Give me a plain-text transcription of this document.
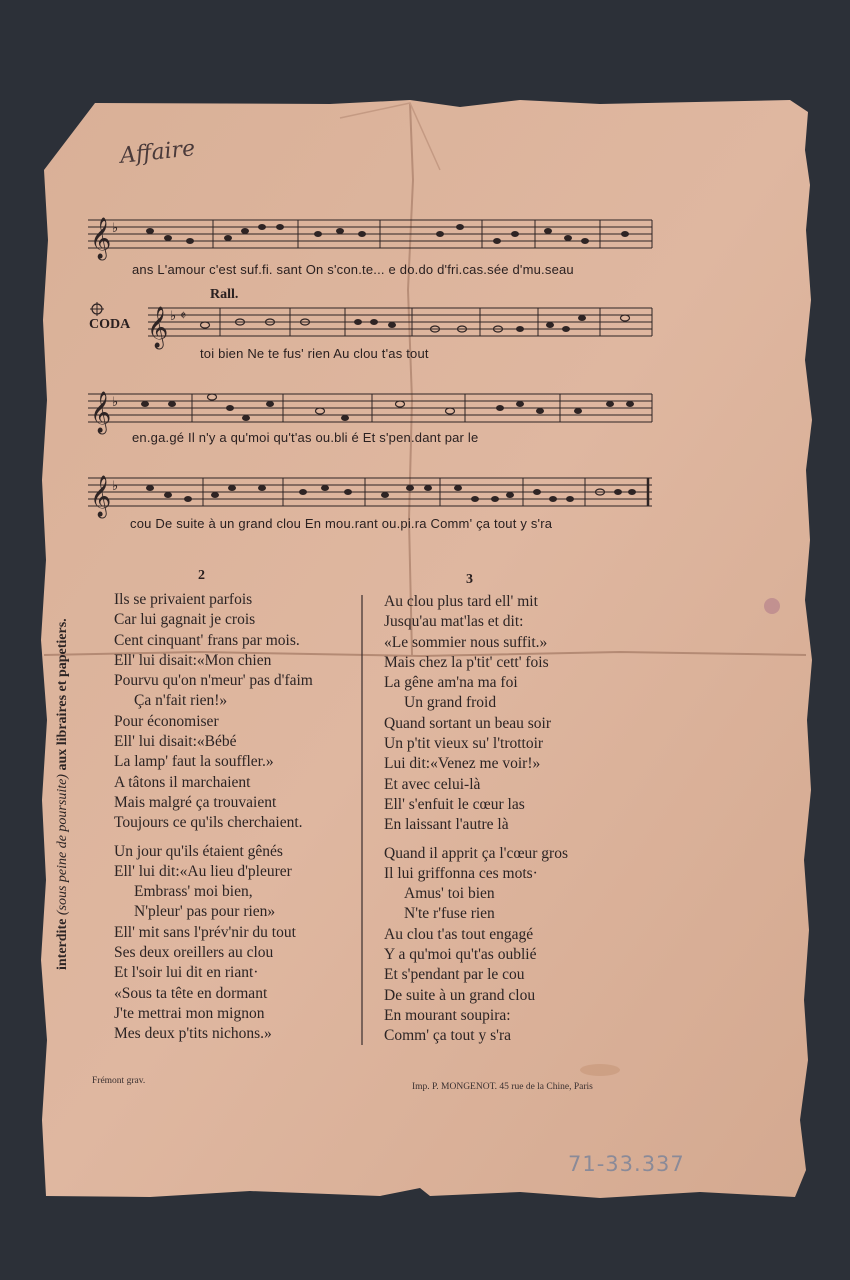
𝄞 ♭
𝄞 ♭ 𝄵
𝄞 ♭
𝄞 ♭
Affaire
Rall.
CODA
ans L'amour c'est suf.fi. sant On s'con.te... e do.do d'fri.cas.sée d'mu.seau
toi bien Ne te fus' rien Au clou t'as tout
en.ga.gé Il n'y a qu'moi qu't'as ou.bli é Et s'pen.dant par le
cou De suite à un grand clou En mou.rant ou.pi.ra Comm' ça tout y s'ra
2	3
Ils se privaient parfois
Car lui gagnait je crois
Cent cinquant' frans par mois.
Ell' lui disait:«Mon chien
Pourvu qu'on n'meur' pas d'faim
Ça n'fait rien!»
Pour économiser
Ell' lui disait:«Bébé
La lamp' faut la souffler.»
A tâtons il marchaient
Mais malgré ça trouvaient
Toujours ce qu'ils cherchaient.
Un jour qu'ils étaient gênés
Ell' lui dit:«Au lieu d'pleurer
Embrass' moi bien,
N'pleur' pas pour rien»
Ell' mit sans l'prév'nir du tout
Ses deux oreillers au clou
Et l'soir lui dit en riant·
«Sous ta tête en dormant
J'te mettrai mon mignon
Mes deux p'tits nichons.»
Au clou plus tard ell' mit
Jusqu'au mat'las et dit:
«Le sommier nous suffit.»
Mais chez la p'tit' cett' fois
La gêne am'na ma foi
Un grand froid
Quand sortant un beau soir
Un p'tit vieux su' l'trottoir
Lui dit:«Venez me voir!»
Et avec celui-là
Ell' s'enfuit le cœur las
En laissant l'autre là
Quand il apprit ça l'cœur gros
Il lui griffonna ces mots·
Amus' toi bien
N'te r'fuse rien
Au clou t'as tout engagé
Y a qu'moi qu't'as oublié
Et s'pendant par le cou
De suite à un grand clou
En mourant soupira:
Comm' ça tout y s'ra
interdite (sous peine de poursuite) aux libraires et papetiers.
Frémont grav.
Imp. P. MONGENOT. 45 rue de la Chine, Paris
71-33.337
